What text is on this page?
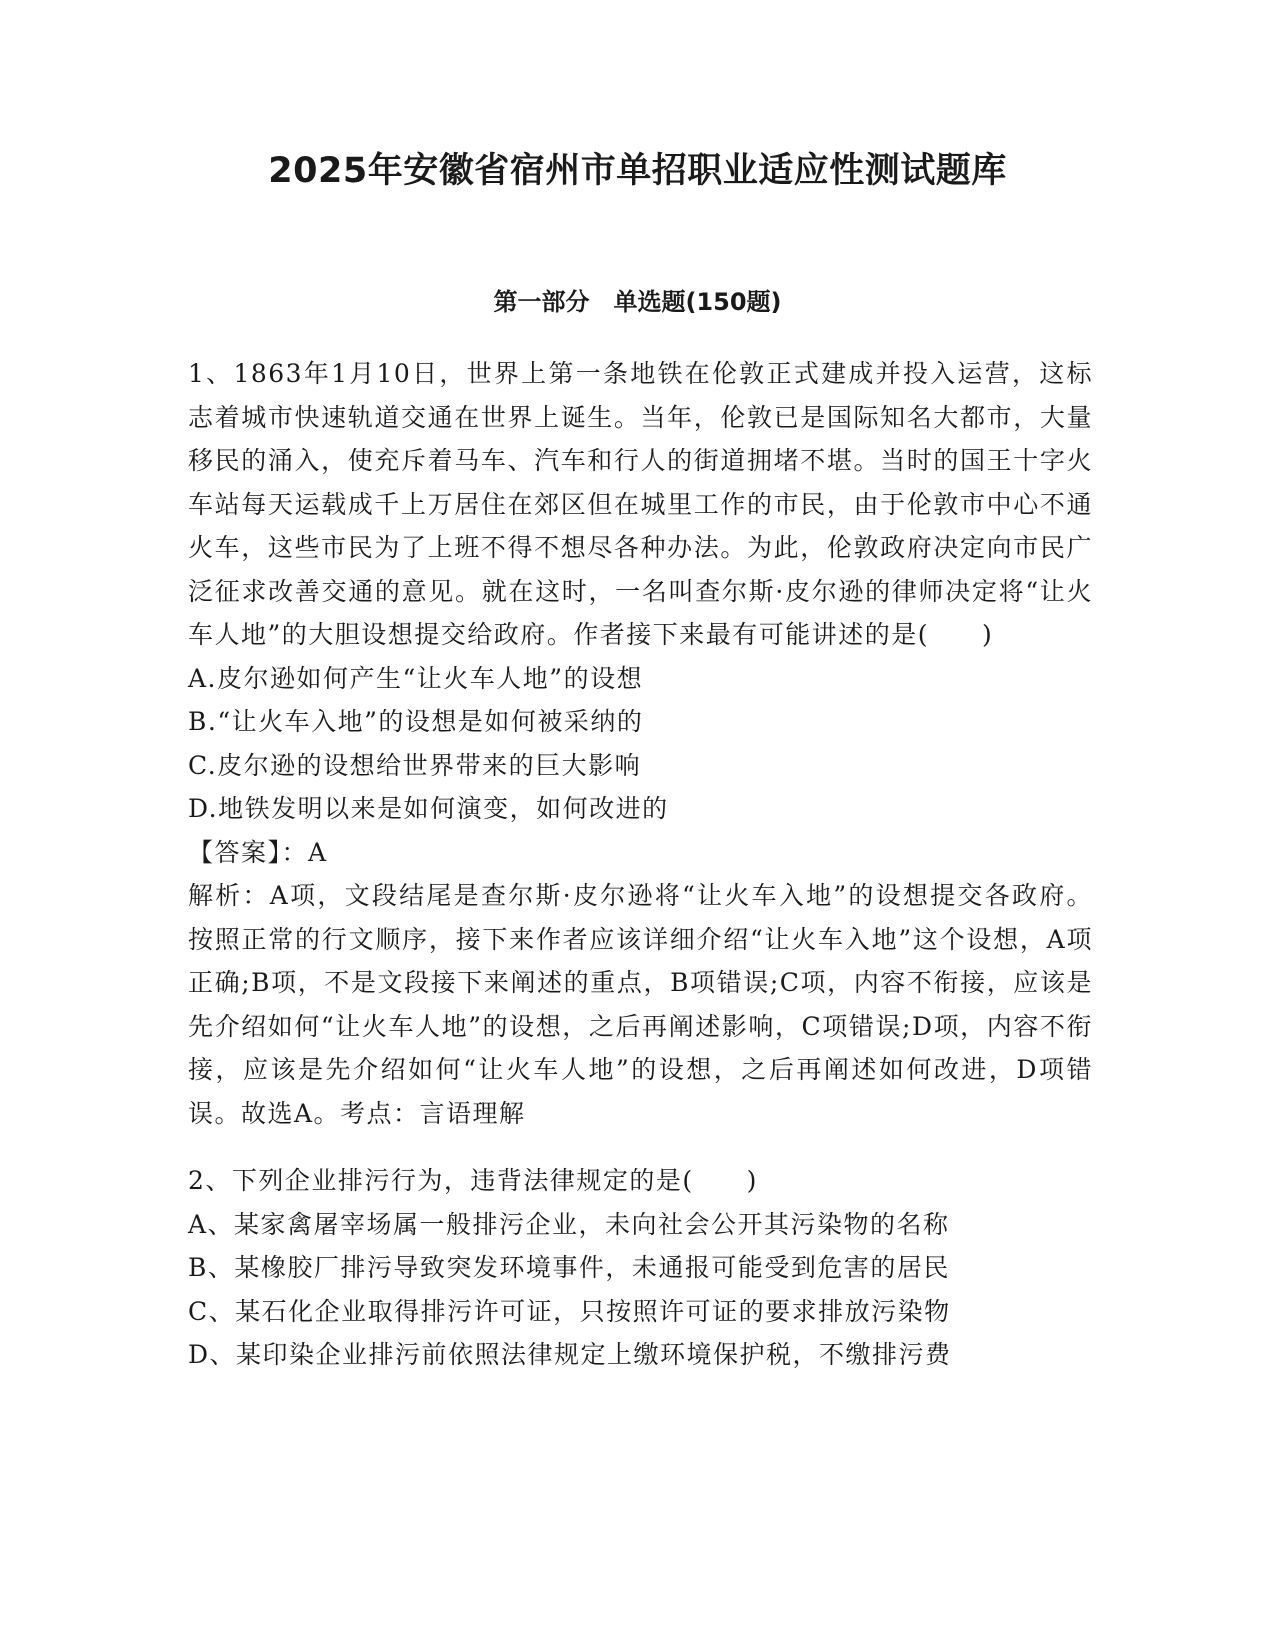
2025年安徽省宿州市单招职业适应性测试题库
第一部分　单选题(150题)

1、1863年1月10日，世界上第一条地铁在伦敦正式建成并投入运营，这标志着城市快速轨道交通在世界上诞生。当年，伦敦已是国际知名大都市，大量移民的涌入，使充斥着马车、汽车和行人的街道拥堵不堪。当时的国王十字火车站每天运载成千上万居住在郊区但在城里工作的市民，由于伦敦市中心不通火车，这些市民为了上班不得不想尽各种办法。为此，伦敦政府决定向市民广泛征求改善交通的意见。就在这时，一名叫查尔斯·皮尔逊的律师决定将“让火车人地”的大胆设想提交给政府。作者接下来最有可能讲述的是(　　)

A.皮尔逊如何产生“让火车人地”的设想

B.“让火车入地”的设想是如何被采纳的

C.皮尔逊的设想给世界带来的巨大影响

D.地铁发明以来是如何演变，如何改进的

【答案】：A

解析：A项，文段结尾是查尔斯·皮尔逊将“让火车入地”的设想提交各政府。按照正常的行文顺序，接下来作者应该详细介绍“让火车入地”这个设想，A项正确;B项，不是文段接下来阐述的重点，B项错误;C项，内容不衔接，应该是先介绍如何“让火车人地”的设想，之后再阐述影响，C项错误;D项，内容不衔接，应该是先介绍如何“让火车人地”的设想，之后再阐述如何改进，D项错误。故选A。考点：言语理解

2、下列企业排污行为，违背法律规定的是(　　)

A、某家禽屠宰场属一般排污企业，未向社会公开其污染物的名称

B、某橡胶厂排污导致突发环境事件，未通报可能受到危害的居民

C、某石化企业取得排污许可证，只按照许可证的要求排放污染物

D、某印染企业排污前依照法律规定上缴环境保护税，不缴排污费
